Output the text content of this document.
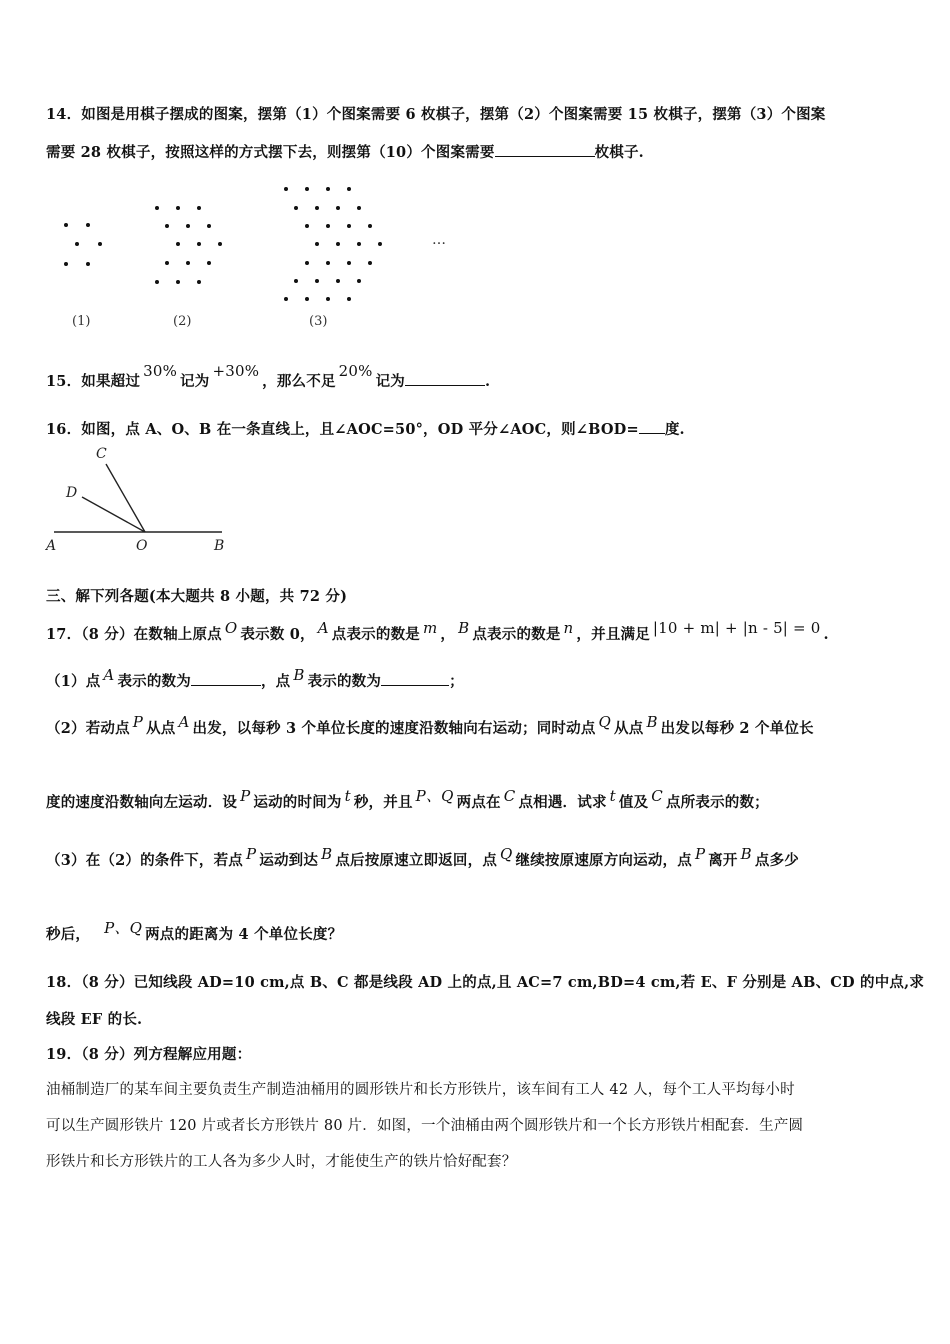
14．如图是用棋子摆成的图案，摆第（1）个图案需要 6 枚棋子，摆第（2）个图案需要 15 枚棋子，摆第（3）个图案
需要 28 枚棋子，按照这样的方式摆下去，则摆第（10）个图案需要	枚棋子.
(1)	(2)	(3)
…
15．如果超过30%记为+30%，那么不足20%记为	.
16．如图，点 A、O、B 在一条直线上，且∠AOC=50°，OD 平分∠AOC，则∠BOD= 度.
C
D
A	O	B
三、解下列各题(本大题共 8 小题，共 72 分)
17．（8 分）在数轴上原点 O 表示数 0， A 点表示的数是 m ， B 点表示的数是 n ，并且满足 |10 + m| + |n - 5| = 0 .
（1）点 A 表示的数为	，点 B 表示的数为	；
（2）若动点 P 从点 A 出发，以每秒 3 个单位长度的速度沿数轴向右运动；同时动点 Q 从点 B 出发以每秒 2 个单位长
度的速度沿数轴向左运动．设 P 运动的时间为 t 秒，并且 P、Q 两点在 C 点相遇．试求 t 值及 C 点所表示的数；
（3）在（2）的条件下，若点 P 运动到达 B 点后按原速立即返回，点 Q 继续按原速原方向运动，点 P 离开 B 点多少
秒后， P、Q 两点的距离为 4 个单位长度？
18．（8 分）已知线段 AD=10 cm,点 B、C 都是线段 AD 上的点,且 AC=7 cm,BD=4 cm,若 E、F 分别是 AB、CD 的中点,求
线段 EF 的长.
19．（8 分）列方程解应用题：
油桶制造厂的某车间主要负责生产制造油桶用的圆形铁片和长方形铁片，该车间有工人 42 人，每个工人平均每小时
可以生产圆形铁片 120 片或者长方形铁片 80 片．如图，一个油桶由两个圆形铁片和一个长方形铁片相配套．生产圆
形铁片和长方形铁片的工人各为多少人时，才能使生产的铁片恰好配套？
